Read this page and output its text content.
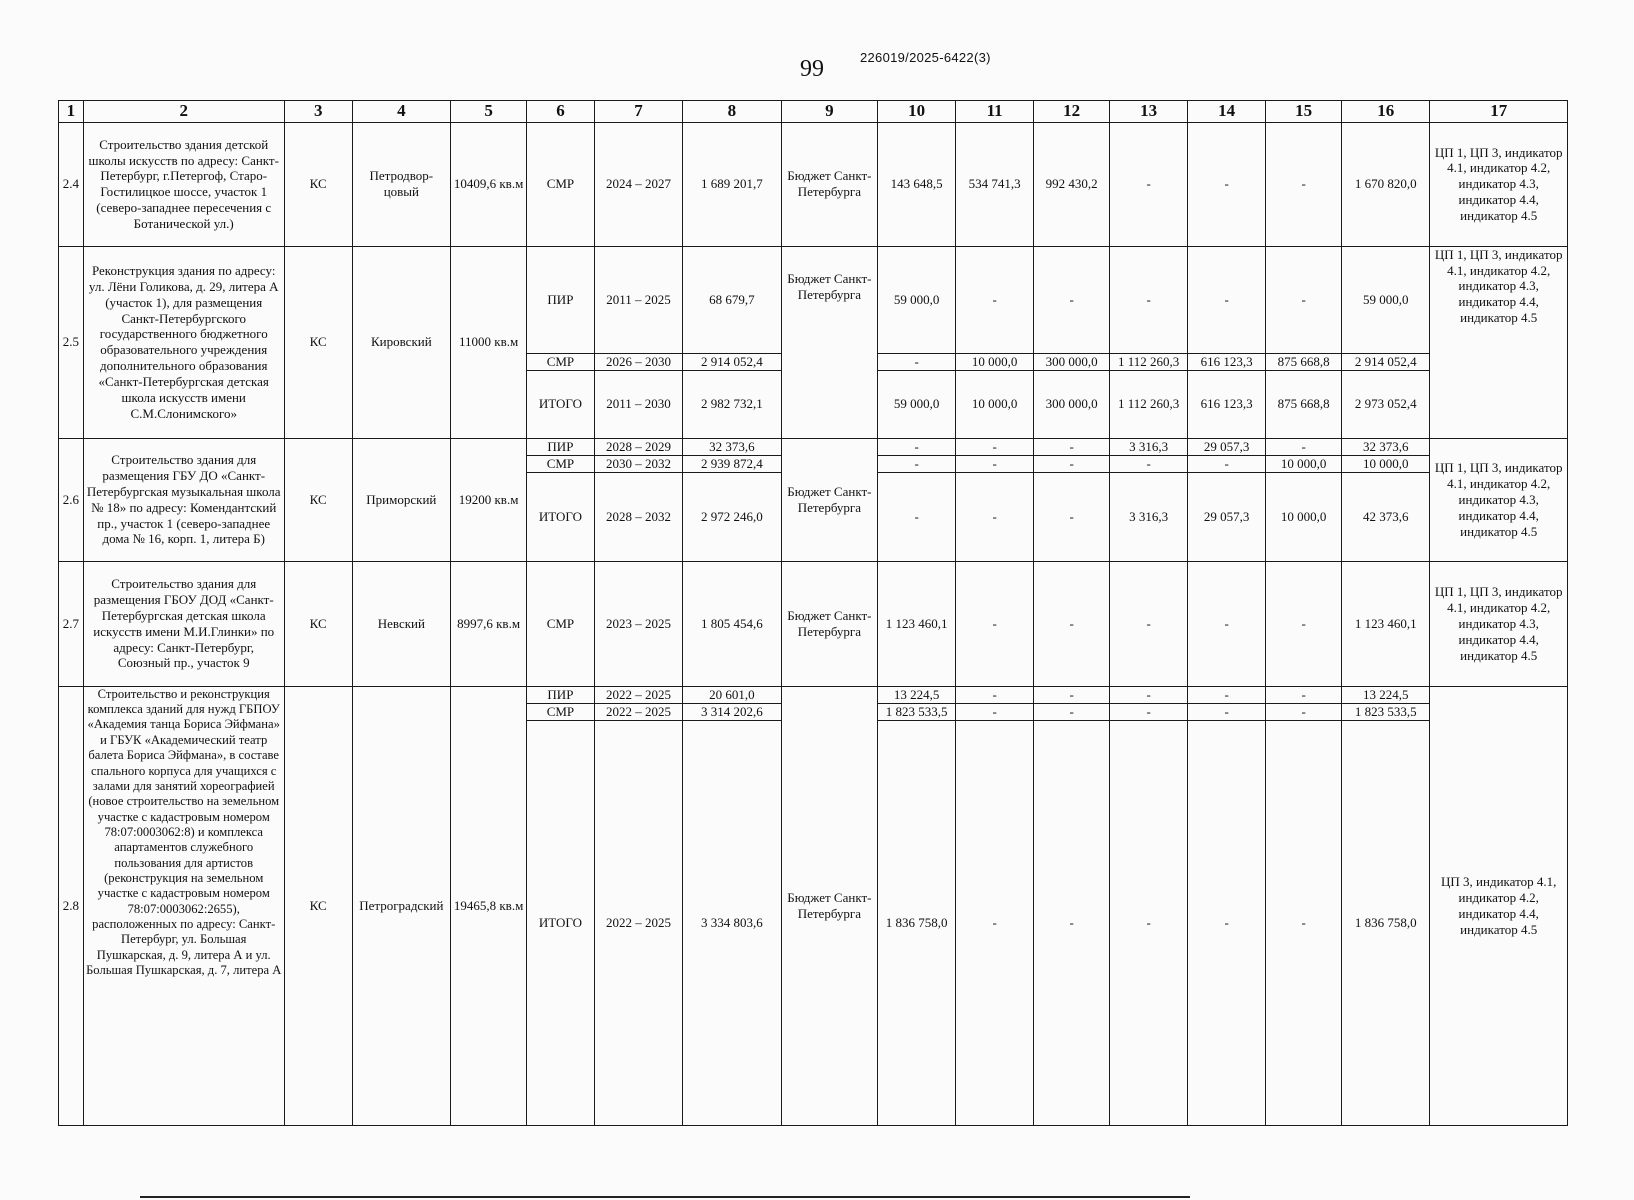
99	226019/2025-6422(3)
1	2	3	4	5	6	7	8	9	10	11	12	13	14	15	16	17
2.4	Строительство здания детской школы искусств по адресу: Санкт-Петербург, г.Петергоф, Старо-Гостилицкое шоссе, участок 1 (северо-западнее пересечения с Ботанической ул.)	КС	Петродвор-цовый	10409,6 кв.м	СМР	2024 – 2027	1 689 201,7	Бюджет Санкт-Петербурга	143 648,5	534 741,3	992 430,2	-	-	-	1 670 820,0	ЦП 1, ЦП 3, индикатор 4.1, индикатор 4.2, индикатор 4.3, индикатор 4.4, индикатор 4.5
2.5	Реконструкция здания по адресу: ул. Лёни Голикова, д. 29, литера А (участок 1), для размещения Санкт-Петербургского государственного бюджетного образовательного учреждения дополнительного образования «Санкт-Петербургская детская школа искусств имени С.М.Слонимского»	КС	Кировский	11000 кв.м	ПИР	2011 – 2025	68 679,7	Бюджет Санкт-Петербурга	59 000,0	-	-	-	-	-	59 000,0	ЦП 1, ЦП 3, индикатор 4.1, индикатор 4.2, индикатор 4.3, индикатор 4.4, индикатор 4.5
					СМР	2026 – 2030	2 914 052,4		-	10 000,0	300 000,0	1 112 260,3	616 123,3	875 668,8	2 914 052,4	
					ИТОГО	2011 – 2030	2 982 732,1		59 000,0	10 000,0	300 000,0	1 112 260,3	616 123,3	875 668,8	2 973 052,4	
2.6	Строительство здания для размещения ГБУ ДО «Санкт-Петербургская музыкальная школа № 18» по адресу: Комендантский пр., участок 1 (северо-западнее дома № 16, корп. 1, литера Б)	КС	Приморский	19200 кв.м	ПИР	2028 – 2029	32 373,6	Бюджет Санкт-Петербурга	-	-	-	3 316,3	29 057,3	-	32 373,6	ЦП 1, ЦП 3, индикатор 4.1, индикатор 4.2, индикатор 4.3, индикатор 4.4, индикатор 4.5
					СМР	2030 – 2032	2 939 872,4		-	-	-	-	-	10 000,0	10 000,0	
					ИТОГО	2028 – 2032	2 972 246,0		-	-	-	3 316,3	29 057,3	10 000,0	42 373,6	
2.7	Строительство здания для размещения ГБОУ ДОД «Санкт-Петербургская детская школа искусств имени М.И.Глинки» по адресу: Санкт-Петербург, Союзный пр., участок 9	КС	Невский	8997,6 кв.м	СМР	2023 – 2025	1 805 454,6	Бюджет Санкт-Петербурга	1 123 460,1	-	-	-	-	-	1 123 460,1	ЦП 1, ЦП 3, индикатор 4.1, индикатор 4.2, индикатор 4.3, индикатор 4.4, индикатор 4.5
2.8	Строительство и реконструкция комплекса зданий для нужд ГБПОУ «Академия танца Бориса Эйфмана» и ГБУК «Академический театр балета Бориса Эйфмана», в составе спального корпуса для учащихся с залами для занятий хореографией (новое строительство на земельном участке с кадастровым номером 78:07:0003062:8) и комплекса апартаментов служебного пользования для артистов (реконструкция на земельном участке с кадастровым номером 78:07:0003062:2655), расположенных по адресу: Санкт-Петербург, ул. Большая Пушкарская, д. 9, литера А и ул. Большая Пушкарская, д. 7, литера А	КС	Петроградский	19465,8 кв.м	ПИР	2022 – 2025	20 601,0	Бюджет Санкт-Петербурга	13 224,5	-	-	-	-	-	13 224,5	ЦП 3, индикатор 4.1, индикатор 4.2, индикатор 4.4, индикатор 4.5
					СМР	2022 – 2025	3 314 202,6		1 823 533,5	-	-	-	-	-	1 823 533,5	
					ИТОГО	2022 – 2025	3 334 803,6		1 836 758,0	-	-	-	-	-	1 836 758,0	
